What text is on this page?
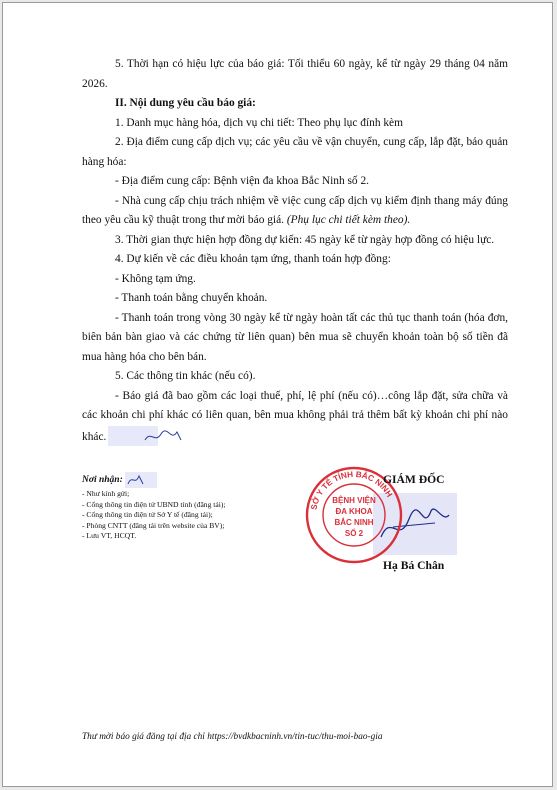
5. Thời hạn có hiệu lực của báo giá: Tối thiểu 60 ngày, kể từ ngày 29 tháng 04 năm 2026.

II. Nội dung yêu cầu báo giá:

1. Danh mục hàng hóa, dịch vụ chi tiết: Theo phụ lục đính kèm

2. Địa điểm cung cấp dịch vụ; các yêu cầu về vận chuyển, cung cấp, lắp đặt, bảo quản hàng hóa:

- Địa điểm cung cấp: Bệnh viện đa khoa Bắc Ninh số 2.

- Nhà cung cấp chịu trách nhiệm về việc cung cấp dịch vụ kiểm định thang máy đúng theo yêu cầu kỹ thuật trong thư mời báo giá. (Phụ lục chi tiết kèm theo).

3. Thời gian thực hiện hợp đồng dự kiến: 45 ngày kể từ ngày hợp đồng có hiệu lực.

4. Dự kiến về các điều khoản tạm ứng, thanh toán hợp đồng:

- Không tạm ứng.

- Thanh toán bằng chuyển khoản.

- Thanh toán trong vòng 30 ngày kể từ ngày hoàn tất các thủ tục thanh toán (hóa đơn, biên bản bàn giao và các chứng từ liên quan) bên mua sẽ chuyển khoản toàn bộ số tiền đã mua hàng hóa cho bên bán.

5. Các thông tin khác (nếu có).

- Báo giá đã bao gồm các loại thuế, phí, lệ phí (nếu có)…công lắp đặt, sửa chữa và các khoản chi phí khác có liên quan, bên mua không phải trả thêm bất kỳ khoản chi phí nào khác.

Nơi nhận:
- Như kính gửi;
- Cổng thông tin điện tử UBND tỉnh (đăng tải);
- Cổng thông tin điện tử Sở Y tế (đăng tải);
- Phòng CNTT (đăng tải trên website của BV);
- Lưu VT, HCQT.
SỞ Y TẾ TỈNH BẮC NINH
BỆNH VIỆN
ĐA KHOA
BẮC NINH
SỐ 2
GIÁM ĐỐC
Hạ Bá Chân
Thư mời báo giá đăng tại địa chỉ https://bvdkbacninh.vn/tin-tuc/thu-moi-bao-gia
